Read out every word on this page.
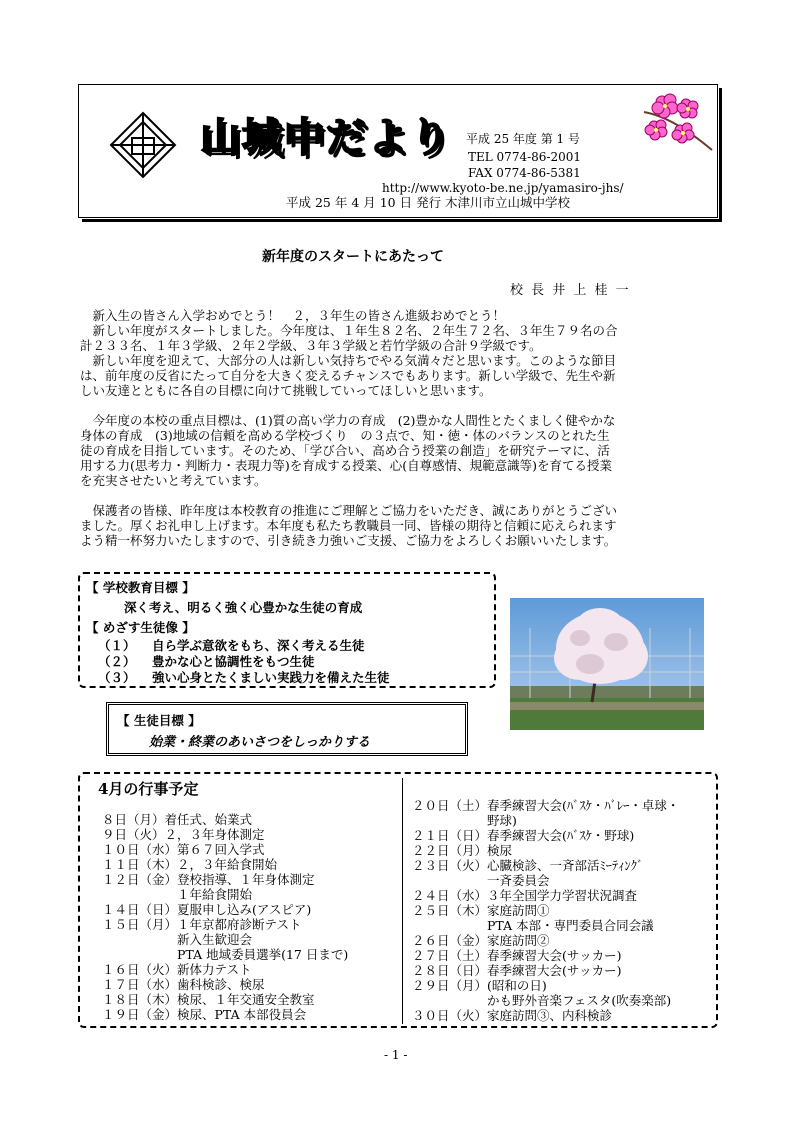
山城中だより 平成 25 年度 第 1 号
TEL 0774-86-2001
FAX 0774-86-5381
http://www.kyoto-be.ne.jp/yamasiro-jhs/
平成 25 年 4 月 10 日 発行 木津川市立山城中学校
新年度のスタートにあたって
校 長 井 上 桂 一
　新入生の皆さん入学おめでとう！　２，３年生の皆さん進級おめでとう！
　新しい年度がスタートしました。今年度は、１年生８２名、２年生７２名、３年生７９名の合
計２３３名、１年３学級、２年２学級、３年３学級と若竹学級の合計９学級です。
　新しい年度を迎えて、大部分の人は新しい気持ちでやる気満々だと思います。このような節目
は、前年度の反省にたって自分を大きく変えるチャンスでもあります。新しい学級で、先生や新
しい友達とともに各自の目標に向けて挑戦していってほしいと思います。
　今年度の本校の重点目標は、(1)質の高い学力の育成　(2)豊かな人間性とたくましく健やかな
身体の育成　(3)地域の信頼を高める学校づくり　の３点で、知・徳・体のバランスのとれた生
徒の育成を目指しています。そのため、「学び合い、高め合う授業の創造」を研究テーマに、活
用する力(思考力・判断力・表現力等)を育成する授業、心(自尊感情、規範意識等)を育てる授業
を充実させたいと考えています。
　保護者の皆様、昨年度は本校教育の推進にご理解とご協力をいただき、誠にありがとうござい
ました。厚くお礼申し上げます。本年度も私たち教職員一同、皆様の期待と信頼に応えられます
よう精一杯努力いたしますので、引き続き力強いご支援、ご協力をよろしくお願いいたします。
【 学校教育目標 】
深く考え、明るく強く心豊かな生徒の育成
【 めざす生徒像 】
（１） 自ら学ぶ意欲をもち、深く考える生徒
（２） 豊かな心と協調性をもつ生徒
（３） 強い心身とたくましい実践力を備えた生徒
【 生徒目標 】
始業・終業のあいさつをしっかりする
4月の行事予定
８日（月）着任式、始業式
９日（火）２，３年身体測定
１０日（水）第６７回入学式
１１日（木）２，３年給食開始
１２日（金）登校指導、１年身体測定
　　　　　　１年給食開始
１４日（日）夏服申し込み(アスピア)
１５日（月）１年京都府診断テスト
　　　　　　新入生歓迎会
　　　　　　PTA 地域委員選挙(17 日まで)
１６日（火）新体力テスト
１７日（水）歯科検診、検尿
１８日（木）検尿、１年交通安全教室
１９日（金）検尿、PTA 本部役員会
２０日（土）春季練習大会(ﾊﾞｽｹ・ﾊﾞﾚｰ・卓球・
　　　　　　野球)
２１日（日）春季練習大会(ﾊﾞｽｹ・野球)
２２日（月）検尿
２３日（火）心臓検診、一斉部活ﾐｰﾃｨﾝｸﾞ
　　　　　　一斉委員会
２４日（水）３年全国学力学習状況調査
２５日（木）家庭訪問①
　　　　　　PTA 本部・専門委員合同会議
２６日（金）家庭訪問②
２７日（土）春季練習大会(サッカー)
２８日（日）春季練習大会(サッカー)
２９日（月）(昭和の日)
　　　　　　かも野外音楽フェスタ(吹奏楽部)
３０日（火）家庭訪問③、内科検診
- 1 -
